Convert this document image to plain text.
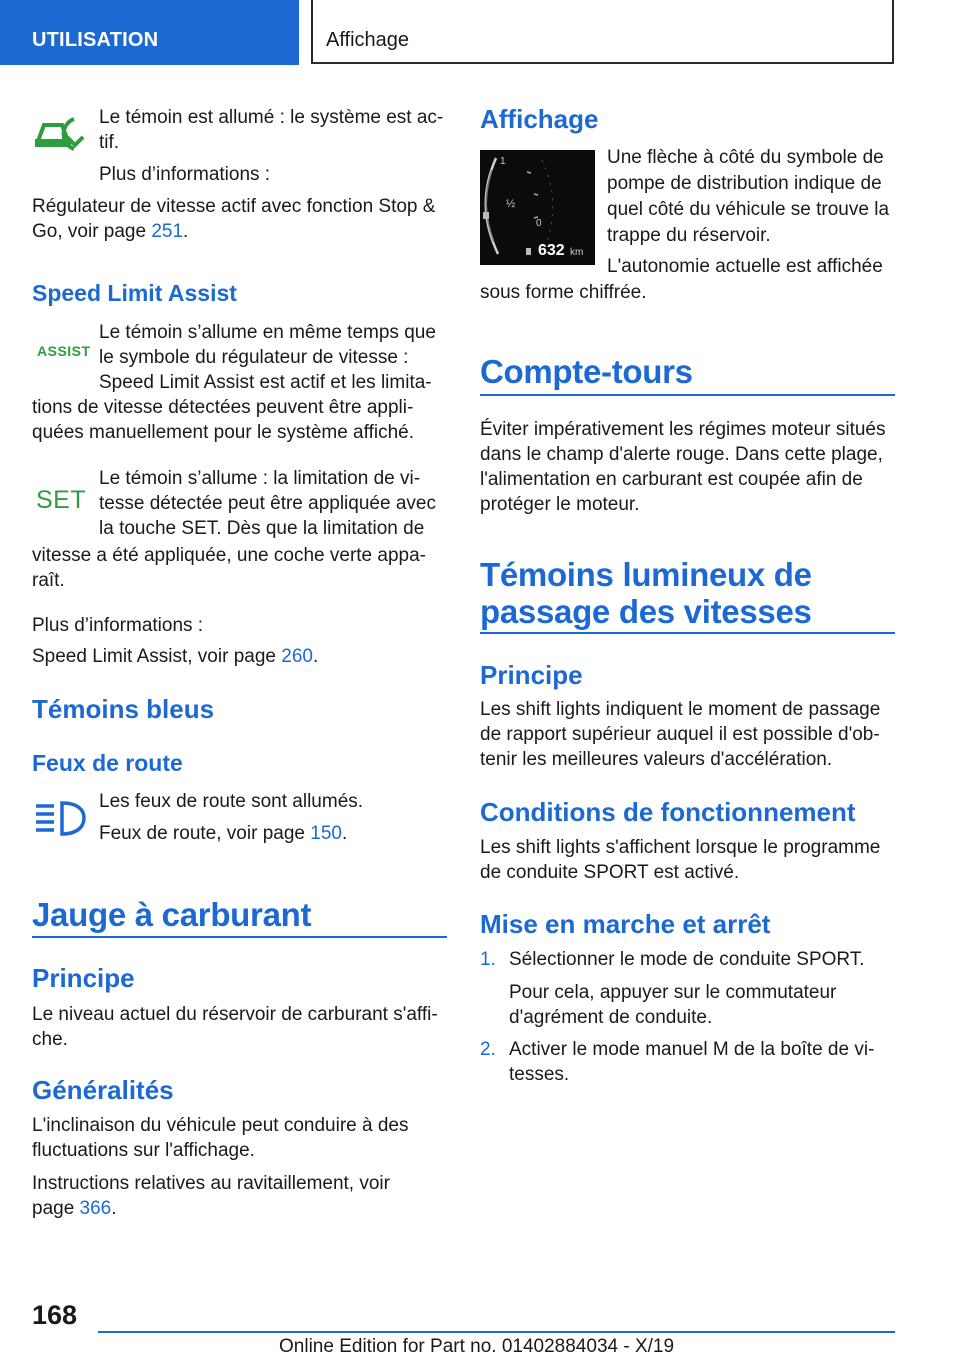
UTILISATION	Affichage
Le témoin est allumé : le système est ac-
tif.
Plus d’informations :
Régulateur de vitesse actif avec fonction Stop &
Go, voir page 251.
Speed Limit Assist
ASSIST
Le témoin s’allume en même temps que
le symbole du régulateur de vitesse :
Speed Limit Assist est actif et les limita-
tions de vitesse détectées peuvent être appli-
quées manuellement pour le système affiché.
SET
Le témoin s’allume : la limitation de vi-
tesse détectée peut être appliquée avec
la touche SET. Dès que la limitation de
vitesse a été appliquée, une coche verte appa-
raît.
Plus d’informations :
Speed Limit Assist, voir page 260.
Témoins bleus
Feux de route
Les feux de route sont allumés.
Feux de route, voir page 150.
Jauge à carburant
Principe
Le niveau actuel du réservoir de carburant s'affi-
che.
Généralités
L'inclinaison du véhicule peut conduire à des
fluctuations sur l'affichage.
Instructions relatives au ravitaillement, voir
page 366.
Affichage
1
½
0
632 km
Une flèche à côté du symbole de
pompe de distribution indique de
quel côté du véhicule se trouve la
trappe du réservoir.
L'autonomie actuelle est affichée
sous forme chiffrée.
Compte-tours
Éviter impérativement les régimes moteur situés
dans le champ d'alerte rouge. Dans cette plage,
l'alimentation en carburant est coupée afin de
protéger le moteur.
Témoins lumineux de
passage des vitesses
Principe
Les shift lights indiquent le moment de passage
de rapport supérieur auquel il est possible d'ob-
tenir les meilleures valeurs d'accélération.
Conditions de fonctionnement
Les shift lights s'affichent lorsque le programme
de conduite SPORT est activé.
Mise en marche et arrêt
1. Sélectionner le mode de conduite SPORT.
Pour cela, appuyer sur le commutateur
d'agrément de conduite.
2. Activer le mode manuel M de la boîte de vi-
tesses.
168
Online Edition for Part no. 01402884034 - X/19
